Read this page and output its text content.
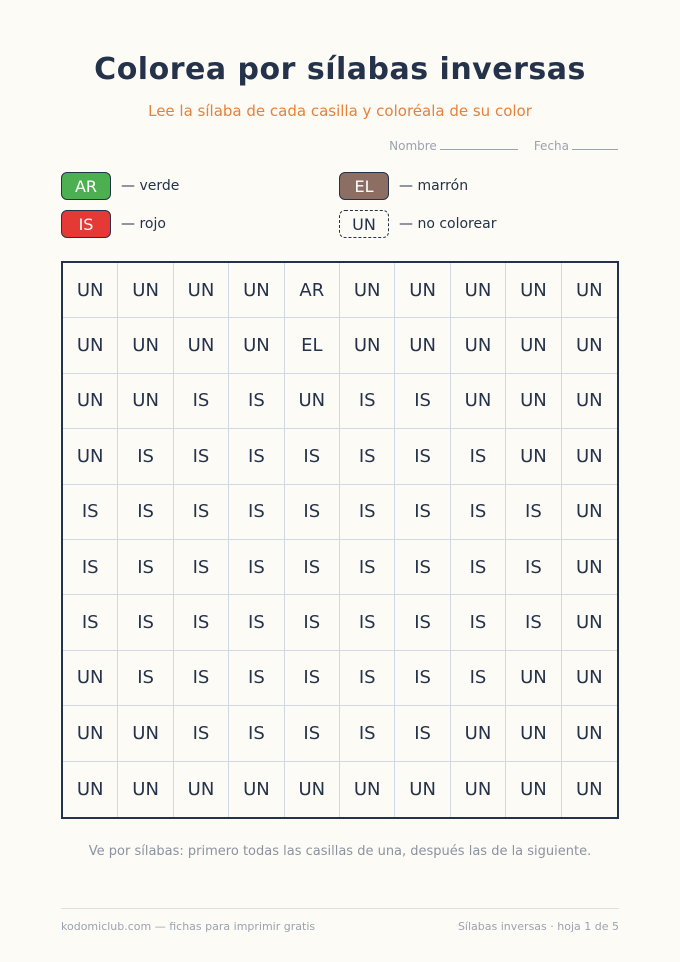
Colorea por sílabas inversas
Lee la sílaba de cada casilla y coloréala de su color
Nombre	Fecha
AR	— verde	EL	— marrón
IS	— rojo	UN	— no colorear
UN	UN	UN	UN	AR	UN	UN	UN	UN	UN
UN	UN	UN	UN	EL	UN	UN	UN	UN	UN
UN	UN	IS	IS	UN	IS	IS	UN	UN	UN
UN	IS	IS	IS	IS	IS	IS	IS	UN	UN
IS	IS	IS	IS	IS	IS	IS	IS	IS	UN
IS	IS	IS	IS	IS	IS	IS	IS	IS	UN
IS	IS	IS	IS	IS	IS	IS	IS	IS	UN
UN	IS	IS	IS	IS	IS	IS	IS	UN	UN
UN	UN	IS	IS	IS	IS	IS	UN	UN	UN
UN	UN	UN	UN	UN	UN	UN	UN	UN	UN
Ve por sílabas: primero todas las casillas de una, después las de la siguiente.
kodomiclub.com — fichas para imprimir gratis	Sílabas inversas · hoja 1 de 5
